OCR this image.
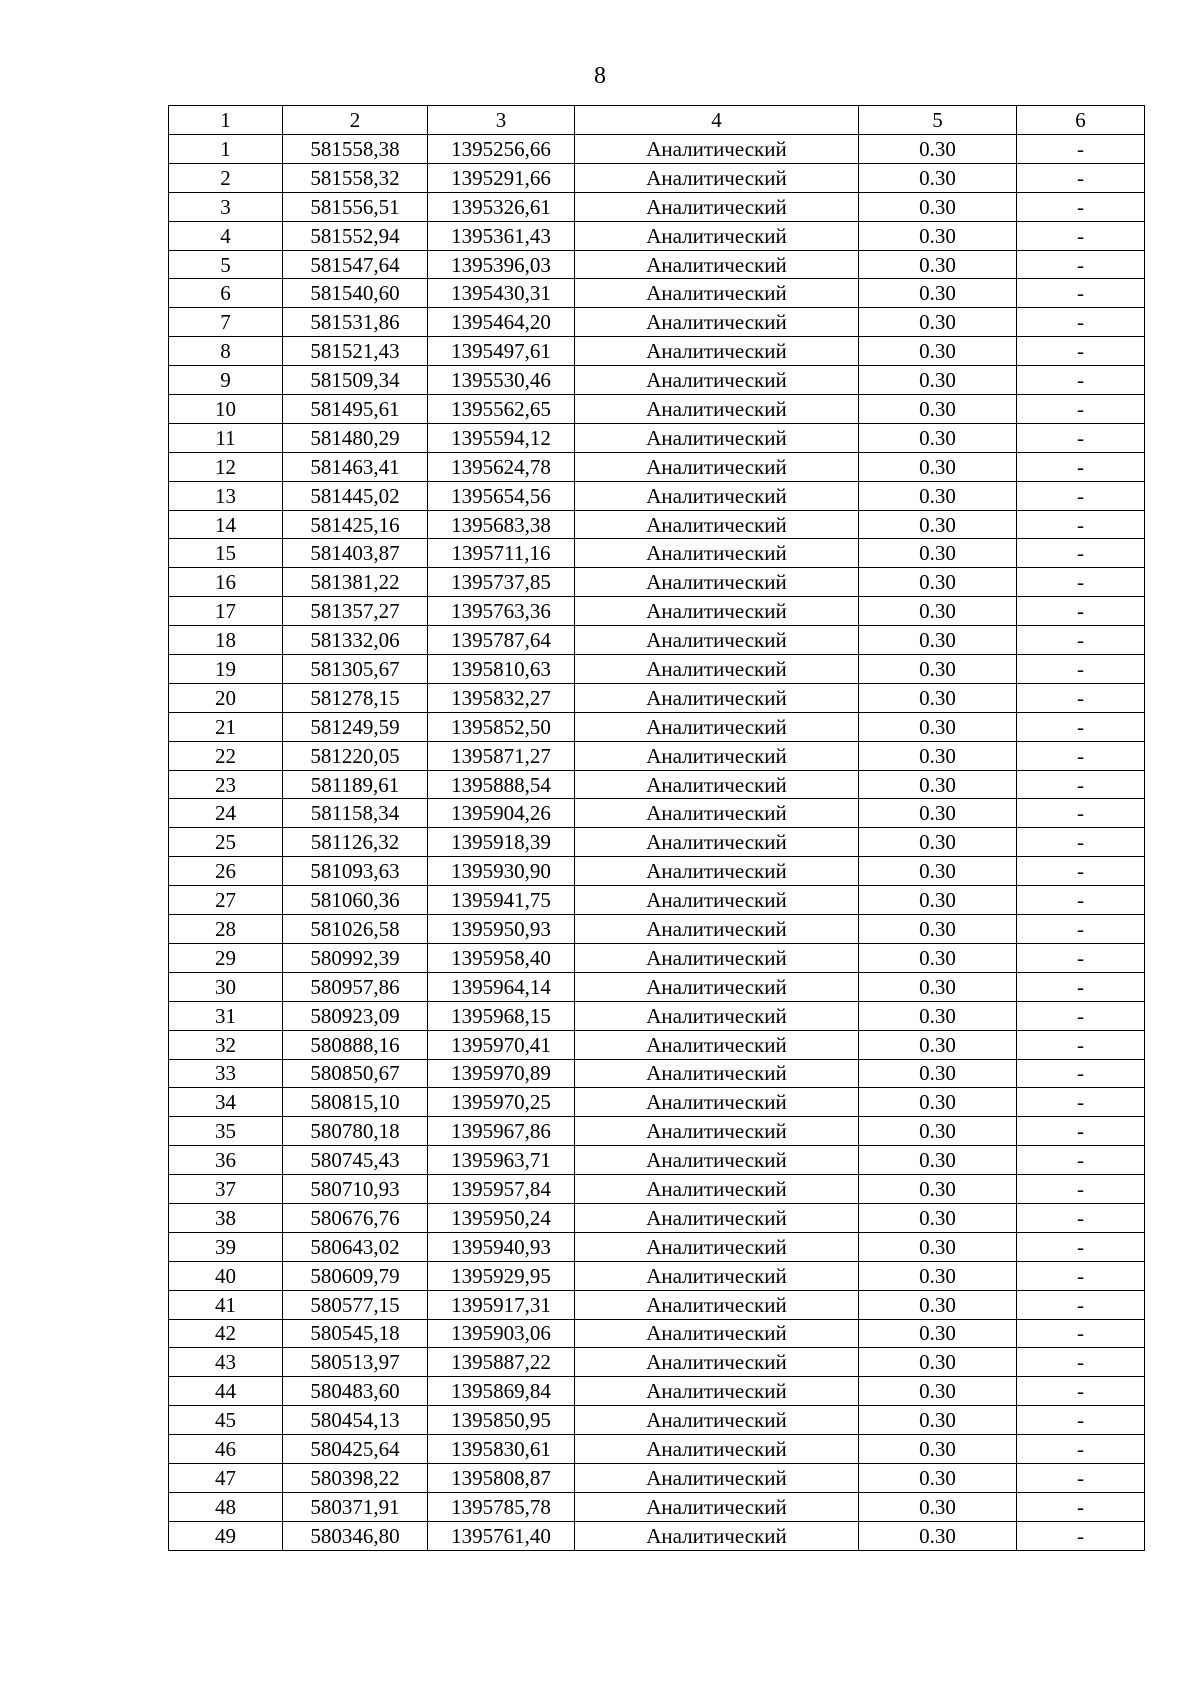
8
1	2	3	4	5	6
1	581558,38	1395256,66	Аналитический	0.30	-
2	581558,32	1395291,66	Аналитический	0.30	-
3	581556,51	1395326,61	Аналитический	0.30	-
4	581552,94	1395361,43	Аналитический	0.30	-
5	581547,64	1395396,03	Аналитический	0.30	-
6	581540,60	1395430,31	Аналитический	0.30	-
7	581531,86	1395464,20	Аналитический	0.30	-
8	581521,43	1395497,61	Аналитический	0.30	-
9	581509,34	1395530,46	Аналитический	0.30	-
10	581495,61	1395562,65	Аналитический	0.30	-
11	581480,29	1395594,12	Аналитический	0.30	-
12	581463,41	1395624,78	Аналитический	0.30	-
13	581445,02	1395654,56	Аналитический	0.30	-
14	581425,16	1395683,38	Аналитический	0.30	-
15	581403,87	1395711,16	Аналитический	0.30	-
16	581381,22	1395737,85	Аналитический	0.30	-
17	581357,27	1395763,36	Аналитический	0.30	-
18	581332,06	1395787,64	Аналитический	0.30	-
19	581305,67	1395810,63	Аналитический	0.30	-
20	581278,15	1395832,27	Аналитический	0.30	-
21	581249,59	1395852,50	Аналитический	0.30	-
22	581220,05	1395871,27	Аналитический	0.30	-
23	581189,61	1395888,54	Аналитический	0.30	-
24	581158,34	1395904,26	Аналитический	0.30	-
25	581126,32	1395918,39	Аналитический	0.30	-
26	581093,63	1395930,90	Аналитический	0.30	-
27	581060,36	1395941,75	Аналитический	0.30	-
28	581026,58	1395950,93	Аналитический	0.30	-
29	580992,39	1395958,40	Аналитический	0.30	-
30	580957,86	1395964,14	Аналитический	0.30	-
31	580923,09	1395968,15	Аналитический	0.30	-
32	580888,16	1395970,41	Аналитический	0.30	-
33	580850,67	1395970,89	Аналитический	0.30	-
34	580815,10	1395970,25	Аналитический	0.30	-
35	580780,18	1395967,86	Аналитический	0.30	-
36	580745,43	1395963,71	Аналитический	0.30	-
37	580710,93	1395957,84	Аналитический	0.30	-
38	580676,76	1395950,24	Аналитический	0.30	-
39	580643,02	1395940,93	Аналитический	0.30	-
40	580609,79	1395929,95	Аналитический	0.30	-
41	580577,15	1395917,31	Аналитический	0.30	-
42	580545,18	1395903,06	Аналитический	0.30	-
43	580513,97	1395887,22	Аналитический	0.30	-
44	580483,60	1395869,84	Аналитический	0.30	-
45	580454,13	1395850,95	Аналитический	0.30	-
46	580425,64	1395830,61	Аналитический	0.30	-
47	580398,22	1395808,87	Аналитический	0.30	-
48	580371,91	1395785,78	Аналитический	0.30	-
49	580346,80	1395761,40	Аналитический	0.30	-
